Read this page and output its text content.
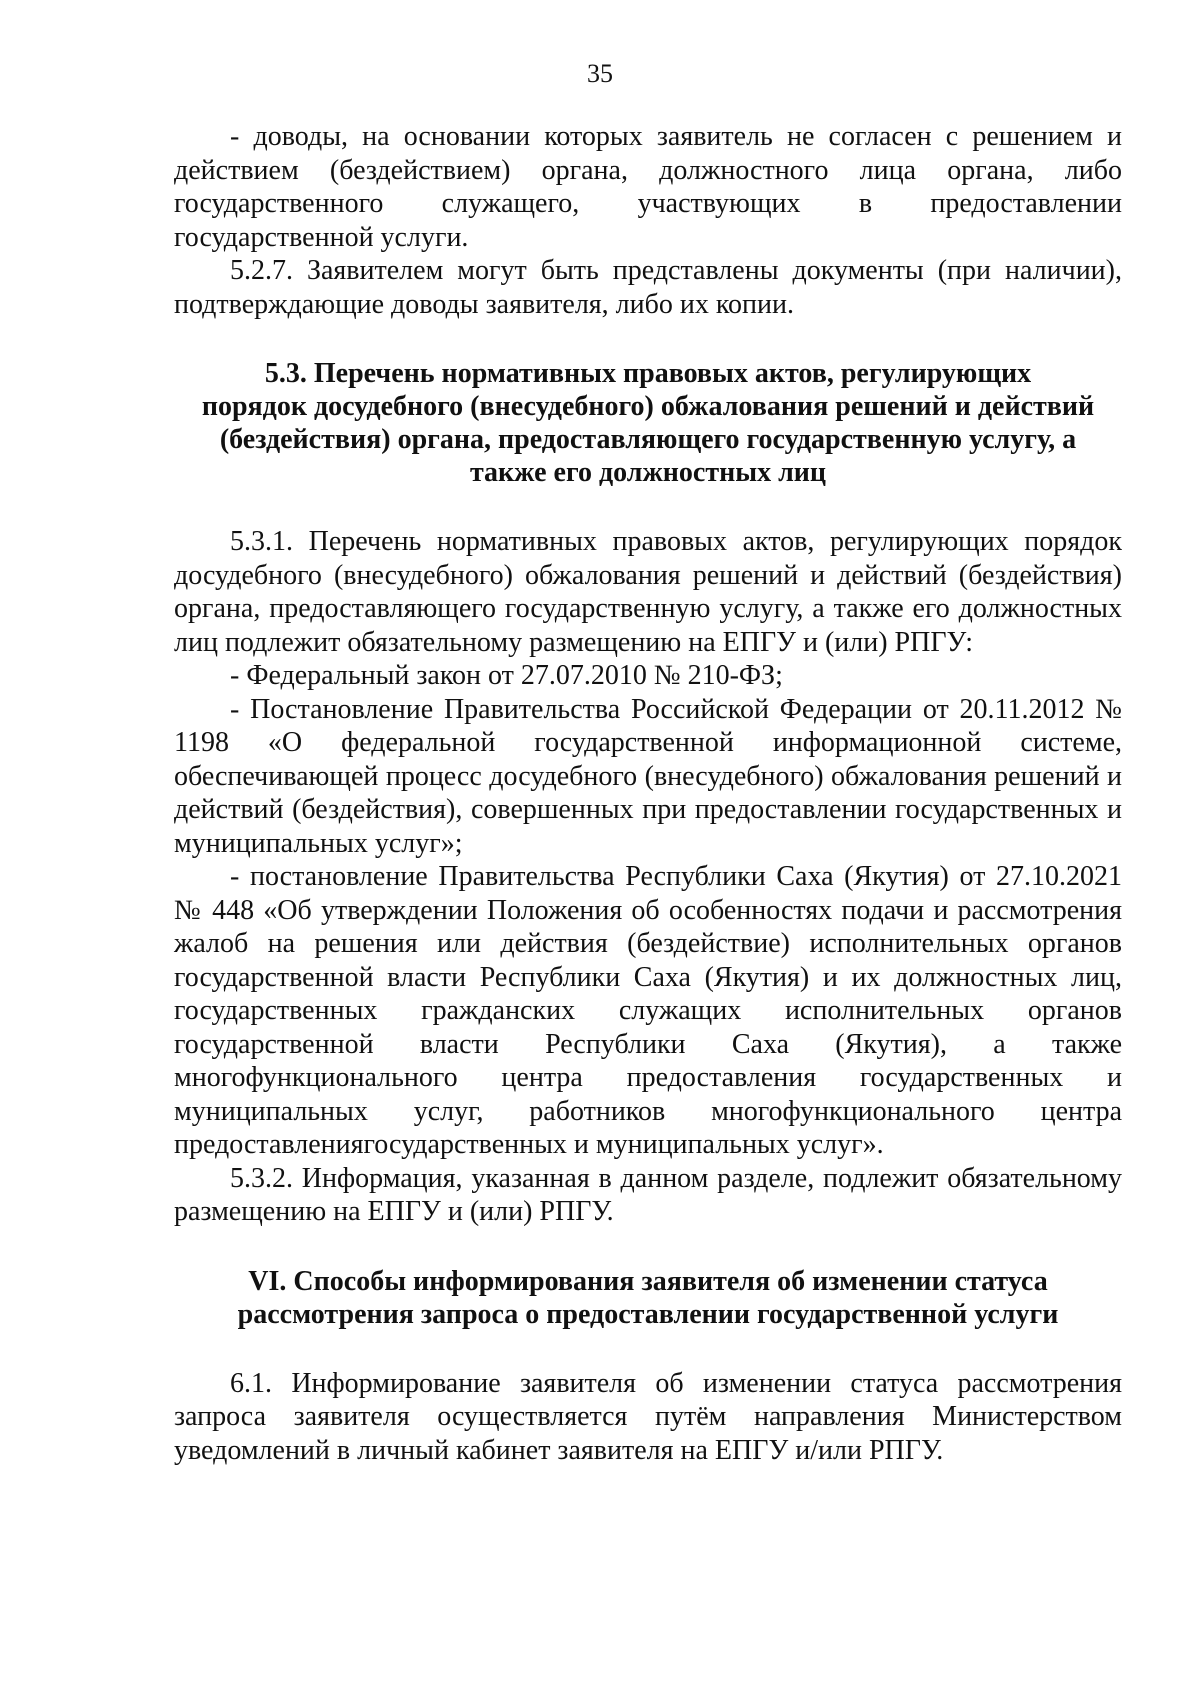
35

- доводы, на основании которых заявитель не согласен с решением и действием (бездействием) органа, должностного лица органа, либо государственного служащего, участвующих в предоставлении государственной услуги.

5.2.7. Заявителем могут быть представлены документы (при наличии), подтверждающие доводы заявителя, либо их копии.

5.3. Перечень нормативных правовых актов, регулирующих
порядок досудебного (внесудебного) обжалования решений и действий
(бездействия) органа, предоставляющего государственную услугу, а
также его должностных лиц

5.3.1. Перечень нормативных правовых актов, регулирующих порядок досудебного (внесудебного) обжалования решений и действий (бездействия) органа, предоставляющего государственную услугу, а также его должностных лиц подлежит обязательному размещению на ЕПГУ и (или) РПГУ:

- Федеральный закон от 27.07.2010 № 210-ФЗ;

- Постановление Правительства Российской Федерации от 20.11.2012 № 1198 «О федеральной государственной информационной системе, обеспечивающей процесс досудебного (внесудебного) обжалования решений и действий (бездействия), совершенных при предоставлении государственных и муниципальных услуг»;

- постановление Правительства Республики Саха (Якутия) от 27.10.2021 № 448 «Об утверждении Положения об особенностях подачи и рассмотрения жалоб на решения или действия (бездействие) исполнительных органов государственной власти Республики Саха (Якутия) и их должностных лиц, государственных гражданских служащих исполнительных органов государственной власти Республики Саха (Якутия), а также многофункционального центра предоставления государственных и муниципальных услуг, работников многофункционального центра предоставлениягосударственных и муниципальных услуг».

5.3.2. Информация, указанная в данном разделе, подлежит обязательному размещению на ЕПГУ и (или) РПГУ.

VI. Способы информирования заявителя об изменении статуса
рассмотрения запроса о предоставлении государственной услуги

6.1. Информирование заявителя об изменении статуса рассмотрения запроса заявителя осуществляется путём направления Министерством уведомлений в личный кабинет заявителя на ЕПГУ и/или РПГУ.
